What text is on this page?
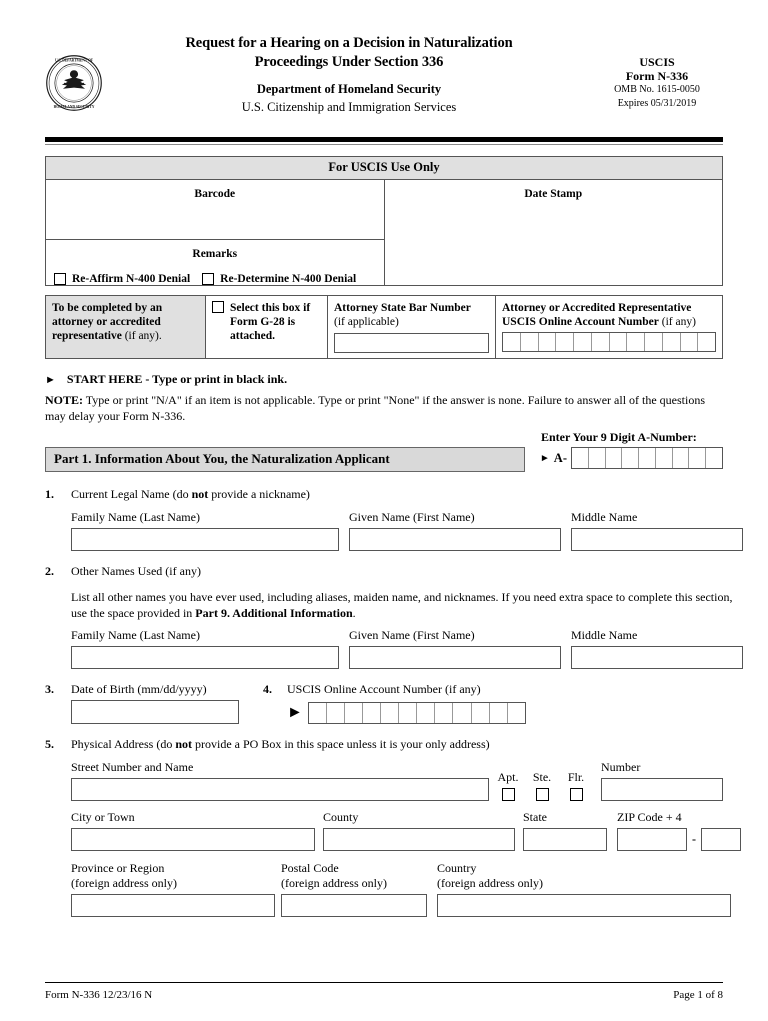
U.S. DEPARTMENT OF
HOMELAND SECURITY
Request for a Hearing on a Decision in Naturalization
Proceedings Under Section 336
Department of Homeland Security
U.S. Citizenship and Immigration Services
USCIS
Form N-336
OMB No. 1615-0050
Expires 05/31/2019
For USCIS Use Only
Barcode
Remarks
Re-Affirm N-400 Denial	Re-Determine N-400 Denial
Date Stamp
To be completed by an attorney or accredited representative (if any).
Select this box if Form G-28 is attached.
Attorney State Bar Number
(if applicable)
Attorney or Accredited Representative USCIS Online Account Number (if any)
► START HERE - Type or print in black ink.
NOTE: Type or print "N/A" if an item is not applicable. Type or print "None" if the answer is none. Failure to answer all of the questions may delay your Form N-336.
Enter Your 9 Digit A-Number:
Part 1. Information About You, the Naturalization Applicant	► A-
1.	Current Legal Name (do not provide a nickname)
Family Name (Last Name)	Given Name (First Name)	Middle Name
2.	Other Names Used (if any)
List all other names you have ever used, including aliases, maiden name, and nicknames. If you need extra space to complete this section, use the space provided in Part 9. Additional Information.
Family Name (Last Name)	Given Name (First Name)	Middle Name
3.	Date of Birth (mm/dd/yyyy)	4.	USCIS Online Account Number (if any)
►
5.	Physical Address (do not provide a PO Box in this space unless it is your only address)
Street Number and Name
Apt.	Ste.	Flr.
Number
City or Town	County	State	ZIP Code + 4
-
Province or Region
(foreign address only)
Postal Code
(foreign address only)
Country
(foreign address only)
Form N-336 12/23/16 N	Page 1 of 8
